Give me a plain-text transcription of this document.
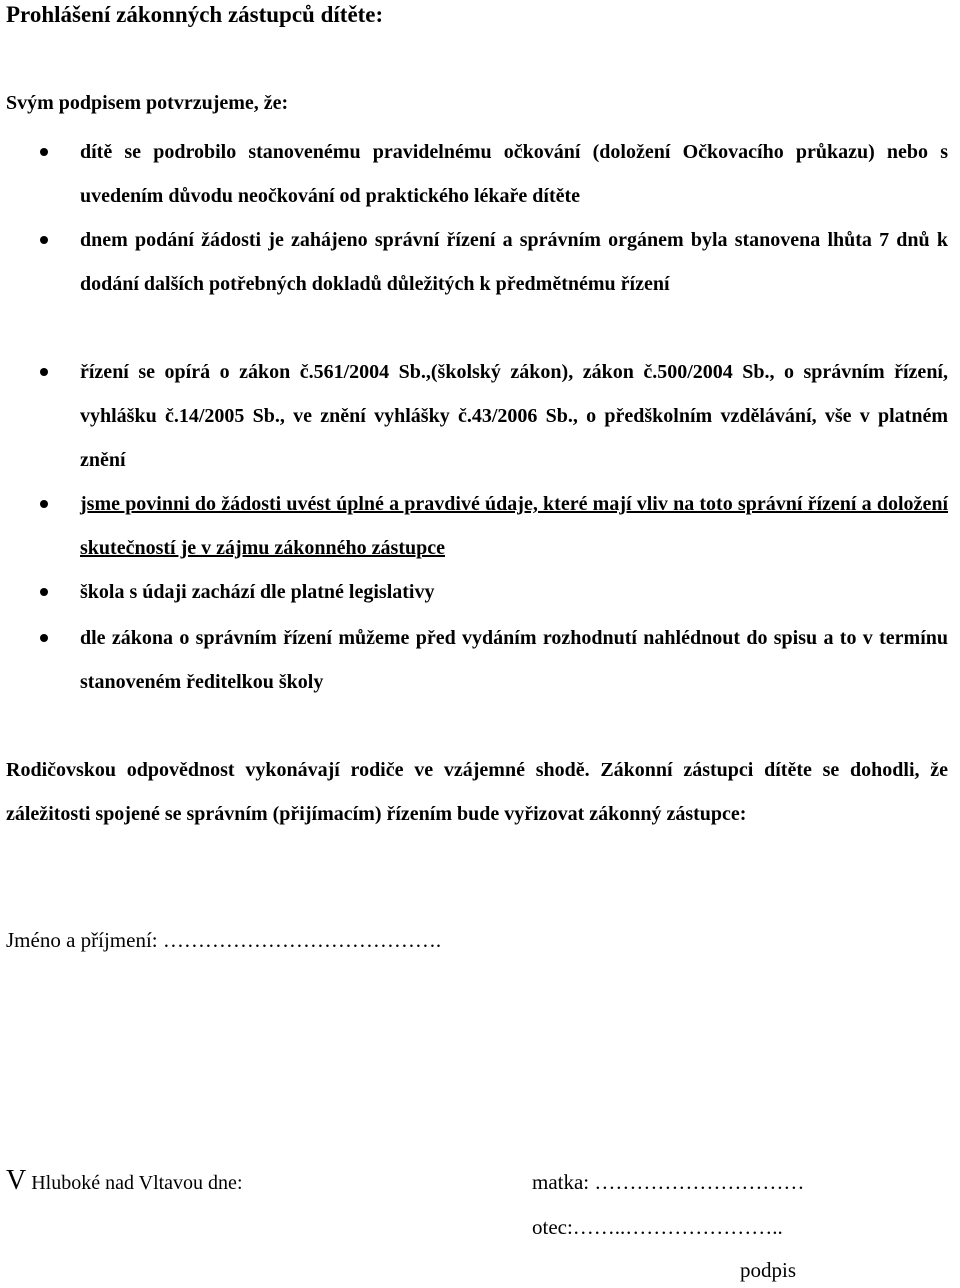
Prohlášení zákonných zástupců dítěte:
Svým podpisem potvrzujeme, že:
dítě se podrobilo stanovenému pravidelnému očkování (doložení Očkovacího průkazu) nebo s uvedením důvodu neočkování od praktického lékaře dítěte
dnem podání žádosti je zahájeno správní řízení a správním orgánem byla stanovena lhůta 7 dnů k dodání dalších potřebných dokladů důležitých k předmětnému řízení
řízení se opírá o zákon č.561/2004 Sb.,(školský zákon), zákon č.500/2004 Sb., o správním řízení, vyhlášku č.14/2005 Sb., ve znění vyhlášky č.43/2006 Sb., o předškolním vzdělávání, vše v platném znění
jsme povinni do žádosti uvést úplné a pravdivé údaje, které mají vliv na toto správní řízení a doložení skutečností je v zájmu zákonného zástupce
škola s údaji zachází dle platné legislativy
dle zákona o správním řízení můžeme před vydáním rozhodnutí nahlédnout do spisu a to v termínu stanoveném ředitelkou školy
Rodičovskou odpovědnost vykonávají rodiče ve vzájemné shodě. Zákonní zástupci dítěte se dohodli, že záležitosti spojené se správním (přijímacím) řízením bude vyřizovat zákonný zástupce:
Jméno a příjmení: ………………………………….
V Hluboké nad Vltavou dne:	matka: …………………………
otec:……..…………………..
podpis
